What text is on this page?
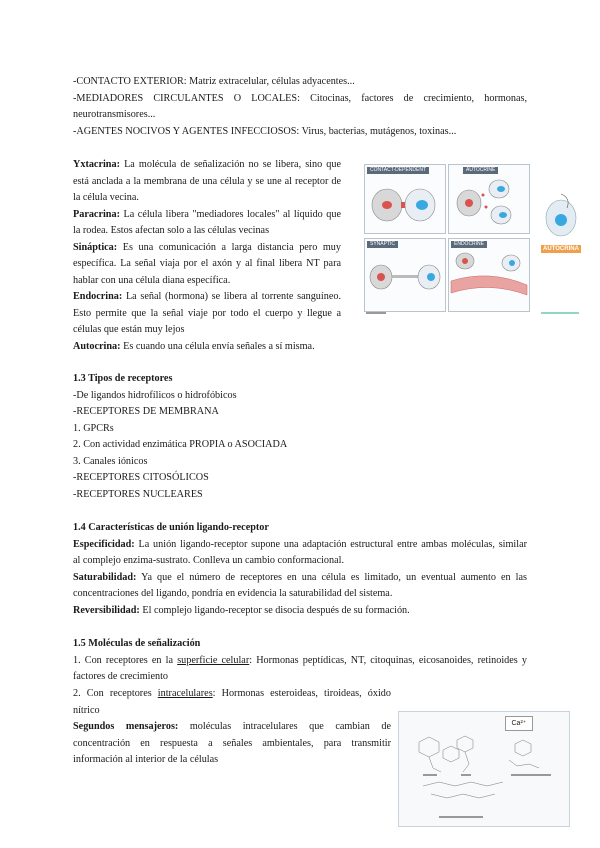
-CONTACTO EXTERIOR: Matriz extracelular, células adyacentes...
-MEDIADORES CIRCULANTES O LOCALES: Citocinas, factores de crecimiento, hormonas,
neurotransmisores...
-AGENTES NOCIVOS Y AGENTES INFECCIOSOS: Virus, bacterias, mutágenos, toxinas...
Yxtacrina: La molécula de señalización no se libera, sino que
está anclada a la membrana de una célula y se une al receptor de
la célula vecina.
Paracrina: La célula libera "mediadores locales" al líquido que
la rodea. Estos afectan solo a las células vecinas
Sináptica: Es una comunicación a larga distancia pero muy
específica. La señal viaja por el axón y al final libera NT para
hablar con una célula diana específica.
Endocrina: La señal (hormona) se libera al torrente sanguíneo.
Esto permite que la señal viaje por todo el cuerpo y llegue a
células que están muy lejos
Autocrina: Es cuando una célula envía señales a sí misma.
CONTACT-DEPENDENT	AUTOCRINE
SYNAPTIC	ENDOCRINE
AUTOCRINA
1.3 Tipos de receptores
-De ligandos hidrofílicos o hidrofóbicos
-RECEPTORES DE MEMBRANA
1. GPCRs
2. Con actividad enzimática PROPIA o ASOCIADA
3. Canales iónicos
-RECEPTORES CITOSÓLICOS
-RECEPTORES NUCLEARES
1.4 Características de unión ligando-receptor
Especificidad: La unión ligando-receptor supone una adaptación estructural entre ambas moléculas, similar
al complejo enzima-sustrato. Conlleva un cambio conformacional.
Saturabilidad: Ya que el número de receptores en una célula es limitado, un eventual aumento en las
concentraciones del ligando, pondría en evidencia la saturabilidad del sistema.
Reversibilidad: El complejo ligando-receptor se disocia después de su formación.
1.5 Moléculas de señalización
1. Con receptores en la superficie celular: Hormonas peptídicas, NT, citoquinas, eicosanoides, retinoides y
factores de crecimiento
2. Con receptores intracelulares: Hormonas esteroideas, tiroideas, óxido
nítrico
Segundos mensajeros: moléculas intracelulares que cambian de
concentración en respuesta a señales ambientales, para transmitir
información al interior de la células
Ca²⁺
